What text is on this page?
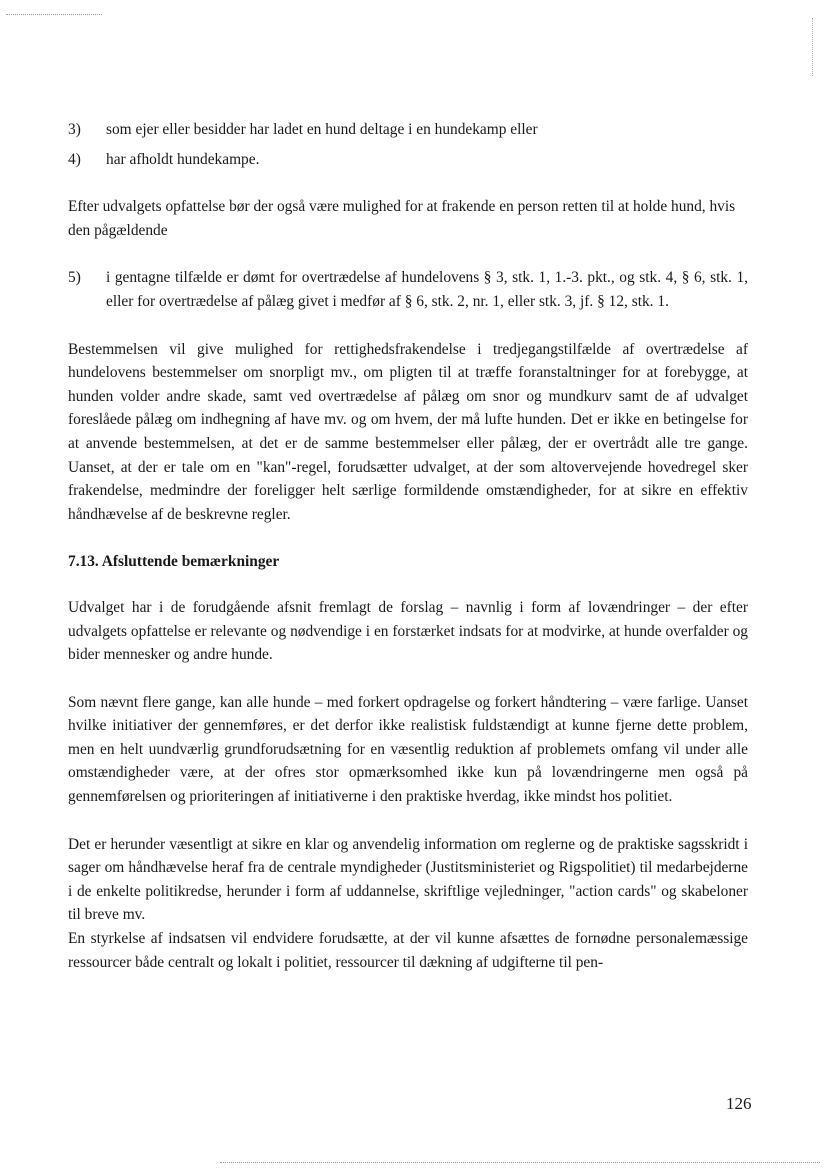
3)	som ejer eller besidder har ladet en hund deltage i en hundekamp eller
4)	har afholdt hundekampe.

Efter udvalgets opfattelse bør der også være mulighed for at frakende en person retten til at holde hund, hvis den pågældende

5)	i gentagne tilfælde er dømt for overtrædelse af hundelovens § 3, stk. 1, 1.-3. pkt., og stk. 4, § 6, stk. 1, eller for overtrædelse af pålæg givet i medfør af § 6, stk. 2, nr. 1, eller stk. 3, jf. § 12, stk. 1.

Bestemmelsen vil give mulighed for rettighedsfrakendelse i tredjegangstilfælde af overtrædelse af hundelovens bestemmelser om snorpligt mv., om pligten til at træffe foranstaltninger for at forebygge, at hunden volder andre skade, samt ved overtrædelse af pålæg om snor og mundkurv samt de af udvalget foreslåede pålæg om indhegning af have mv. og om hvem, der må lufte hunden. Det er ikke en betingelse for at anvende bestemmelsen, at det er de samme bestemmelser eller pålæg, der er overtrådt alle tre gange. Uanset, at der er tale om en "kan"-regel, forudsætter udvalget, at der som altovervejende hovedregel sker frakendelse, medmindre der foreligger helt særlige formildende omstændigheder, for at sikre en effektiv håndhævelse af de beskrevne regler.

7.13. Afsluttende bemærkninger

Udvalget har i de forudgående afsnit fremlagt de forslag – navnlig i form af lovændringer – der efter udvalgets opfattelse er relevante og nødvendige i en forstærket indsats for at modvirke, at hunde overfalder og bider mennesker og andre hunde.

Som nævnt flere gange, kan alle hunde – med forkert opdragelse og forkert håndtering – være farlige. Uanset hvilke initiativer der gennemføres, er det derfor ikke realistisk fuldstændigt at kunne fjerne dette problem, men en helt uundværlig grundforudsætning for en væsentlig reduktion af problemets omfang vil under alle omstændigheder være, at der ofres stor opmærksomhed ikke kun på lovændringerne men også på gennemførelsen og prioriteringen af initiativerne i den praktiske hverdag, ikke mindst hos politiet.

Det er herunder væsentligt at sikre en klar og anvendelig information om reglerne og de praktiske sagsskridt i sager om håndhævelse heraf fra de centrale myndigheder (Justitsministeriet og Rigspolitiet) til medarbejderne i de enkelte politikredse, herunder i form af uddannelse, skriftlige vejledninger, "action cards" og skabeloner til breve mv.

En styrkelse af indsatsen vil endvidere forudsætte, at der vil kunne afsættes de fornødne personalemæssige ressourcer både centralt og lokalt i politiet, ressourcer til dækning af udgifterne til pen-

126
